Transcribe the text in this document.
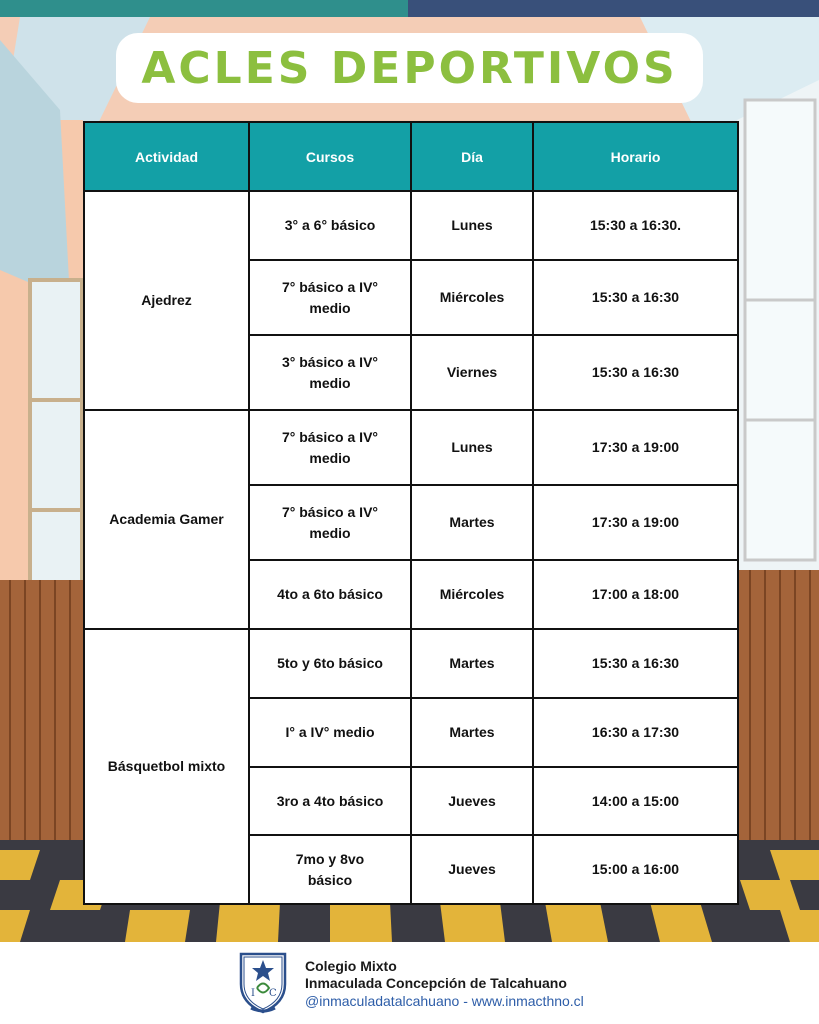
ACLES DEPORTIVOS
Actividad	Cursos	Día	Horario
Ajedrez	3° a 6° básico	Lunes	15:30 a 16:30.
	7° básico a IV° medio	Miércoles	15:30 a 16:30
	3° básico a IV° medio	Viernes	15:30 a 16:30
Academia Gamer	7° básico a IV° medio	Lunes	17:30 a 19:00
	7° básico a IV° medio	Martes	17:30 a 19:00
	4to a 6to básico	Miércoles	17:00 a 18:00
Básquetbol mixto	5to y 6to básico	Martes	15:30 a 16:30
	I° a IV° medio	Martes	16:30 a 17:30
	3ro a 4to básico	Jueves	14:00 a 15:00
	7mo y 8vo básico	Jueves	15:00 a 16:00
I C
Colegio Mixto
Inmaculada Concepción de Talcahuano
@inmaculadatalcahuano - www.inmacthno.cl
